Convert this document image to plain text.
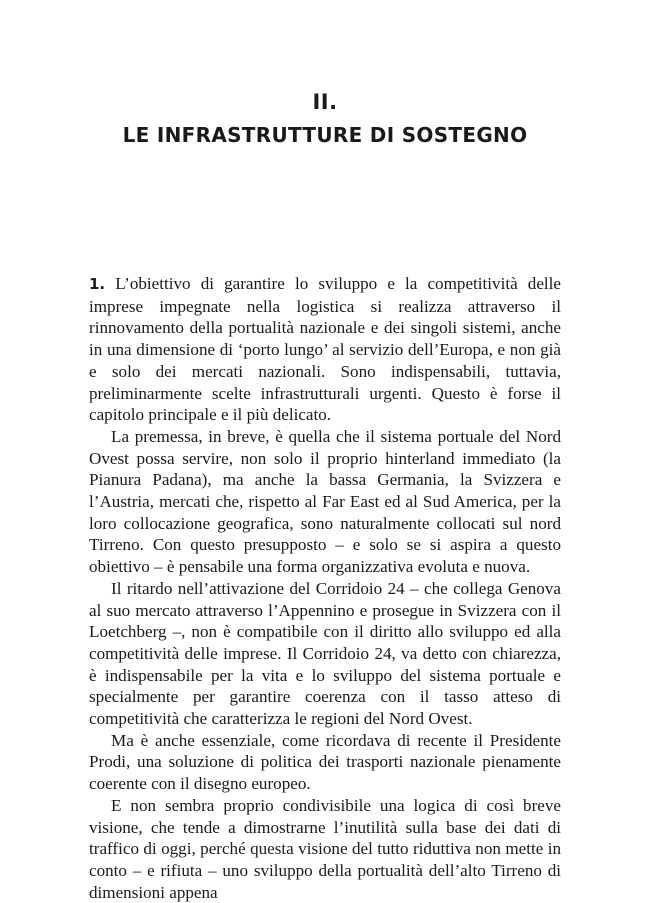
II.
LE INFRASTRUTTURE DI SOSTEGNO

1. L’obiettivo di garantire lo sviluppo e la competitività delle imprese impegnate nella logistica si realizza attraverso il rinnovamento della portualità nazionale e dei singoli sistemi, anche in una dimensione di ‘porto lungo’ al servizio dell’Europa, e non già e solo dei mercati nazionali. Sono indispensabili, tuttavia, preliminarmente scelte infrastrutturali urgenti. Questo è forse il capitolo principale e il più delicato.

La premessa, in breve, è quella che il sistema portuale del Nord Ovest possa servire, non solo il proprio hinterland immediato (la Pianura Padana), ma anche la bassa Germania, la Svizzera e l’Austria, mercati che, rispetto al Far East ed al Sud America, per la loro collocazione geografica, sono naturalmente collocati sul nord Tirreno. Con questo presupposto – e solo se si aspira a questo obiettivo – è pensabile una forma organizzativa evoluta e nuova.

Il ritardo nell’attivazione del Corridoio 24 – che collega Genova al suo mercato attraverso l’Appennino e prosegue in Svizzera con il Loetchberg –, non è compatibile con il diritto allo sviluppo ed alla competitività delle imprese. Il Corridoio 24, va detto con chiarezza, è indispensabile per la vita e lo sviluppo del sistema portuale e specialmente per garantire coerenza con il tasso atteso di competitività che caratterizza le regioni del Nord Ovest.

Ma è anche essenziale, come ricordava di recente il Presidente Prodi, una soluzione di politica dei trasporti nazionale pienamente coerente con il disegno europeo.

E non sembra proprio condivisibile una logica di così breve visione, che tende a dimostrarne l’inutilità sulla base dei dati di traffico di oggi, perché questa visione del tutto riduttiva non mette in conto – e rifiuta – uno sviluppo della portualità dell’alto Tirreno di dimensioni appena
